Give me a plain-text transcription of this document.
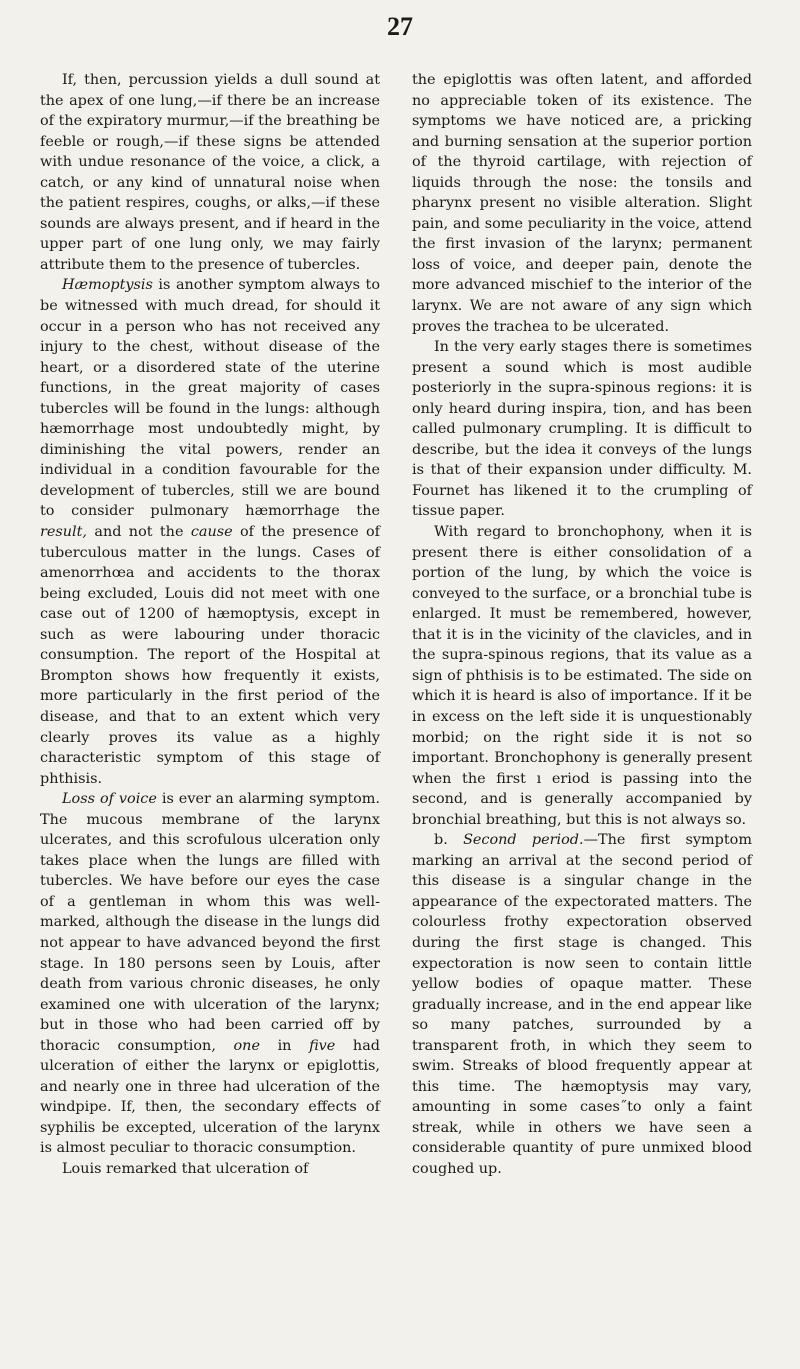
27

If, then, percussion yields a dull sound at the apex of one lung,—if there be an increase of the expiratory murmur,—if the breathing be feeble or rough,—if these signs be attended with undue resonance of the voice, a click, a catch, or any kind of unnatural noise when the patient respires, coughs, or alks,—if these sounds are always present, and if heard in the upper part of one lung only, we may fairly attribute them to the presence of tubercles.

Hæmoptysis is another symptom always to be witnessed with much dread, for should it occur in a person who has not received any injury to the chest, without disease of the heart, or a disordered state of the uterine functions, in the great majority of cases tubercles will be found in the lungs: although hæmorrhage most undoubtedly might, by diminishing the vital powers, render an individual in a condition favourable for the development of tubercles, still we are bound to consider pulmonary hæmorrhage the result, and not the cause of the presence of tuberculous matter in the lungs. Cases of amenorrhœa and accidents to the thorax being excluded, Louis did not meet with one case out of 1200 of hæmoptysis, except in such as were labouring under thoracic consumption. The report of the Hospital at Brompton shows how frequently it exists, more particularly in the first period of the disease, and that to an extent which very clearly proves its value as a highly characteristic symptom of this stage of phthisis.

Loss of voice is ever an alarming symptom. The mucous membrane of the larynx ulcerates, and this scrofulous ulceration only takes place when the lungs are filled with tubercles. We have before our eyes the case of a gentleman in whom this was well-marked, although the disease in the lungs did not appear to have advanced beyond the first stage. In 180 persons seen by Louis, after death from various chronic diseases, he only examined one with ulceration of the larynx; but in those who had been carried off by thoracic consumption, one in five had ulceration of either the larynx or epiglottis, and nearly one in three had ulceration of the windpipe. If, then, the secondary effects of syphilis be excepted, ulceration of the larynx is almost peculiar to thoracic consumption.

Louis remarked that ulceration of

the epiglottis was often latent, and afforded no appreciable token of its existence. The symptoms we have noticed are, a pricking and burning sensation at the superior portion of the thyroid cartilage, with rejection of liquids through the nose: the tonsils and pharynx present no visible alteration. Slight pain, and some peculiarity in the voice, attend the first invasion of the larynx; permanent loss of voice, and deeper pain, denote the more advanced mischief to the interior of the larynx. We are not aware of any sign which proves the trachea to be ulcerated.

In the very early stages there is sometimes present a sound which is most audible posteriorly in the supra-spinous regions: it is only heard during inspira, tion, and has been called pulmonary crumpling. It is difficult to describe, but the idea it conveys of the lungs is that of their expansion under difficulty. M. Fournet has likened it to the crumpling of tissue paper.

With regard to bronchophony, when it is present there is either consolidation of a portion of the lung, by which the voice is conveyed to the surface, or a bronchial tube is enlarged. It must be remembered, however, that it is in the vicinity of the clavicles, and in the supra-spinous regions, that its value as a sign of phthisis is to be estimated. The side on which it is heard is also of importance. If it be in excess on the left side it is unquestionably morbid; on the right side it is not so important. Bronchophony is generally present when the first ı eriod is passing into the second, and is generally accompanied by bronchial breathing, but this is not always so.

b. Second period.—The first symptom marking an arrival at the second period of this disease is a singular change in the appearance of the expectorated matters. The colourless frothy expectoration observed during the first stage is changed. This expectoration is now seen to contain little yellow bodies of opaque matter. These gradually increase, and in the end appear like so many patches, surrounded by a transparent froth, in which they seem to swim. Streaks of blood frequently appear at this time. The hæmoptysis may vary, amounting in some cases˝to only a faint streak, while in others we have seen a considerable quantity of pure unmixed blood coughed up.
